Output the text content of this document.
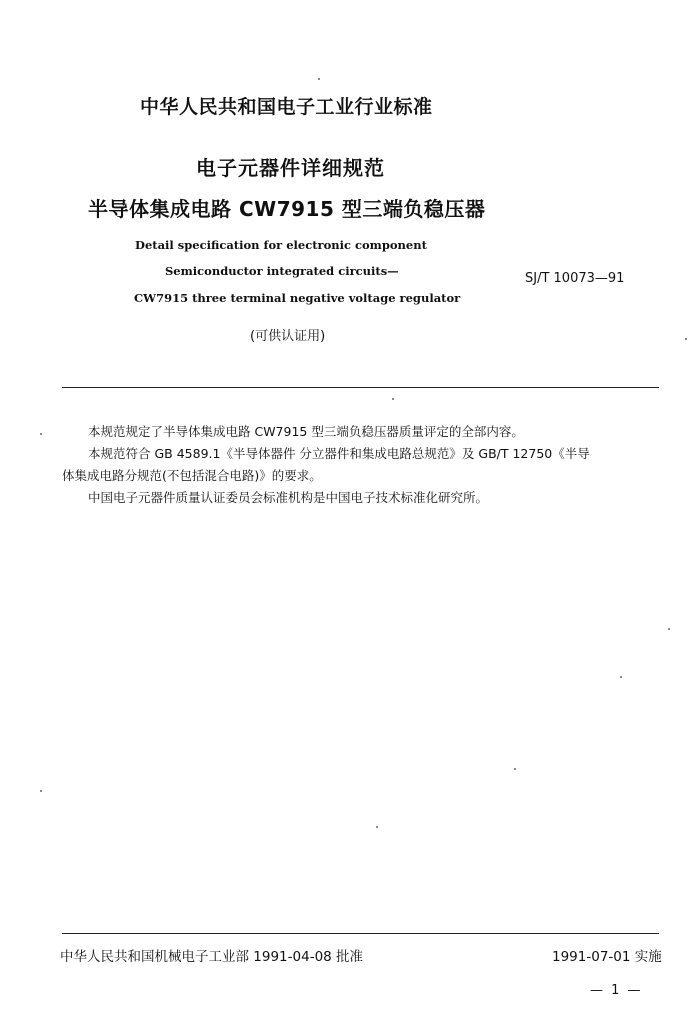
中华人民共和国电子工业行业标准
电子元器件详细规范
半导体集成电路 CW7915 型三端负稳压器
Detail specification for electronic component
Semiconductor integrated circuits—
CW7915 three terminal negative voltage regulator
SJ/T 10073—91
(可供认证用)
本规范规定了半导体集成电路 CW7915 型三端负稳压器质量评定的全部内容。
本规范符合 GB 4589.1《半导体器件 分立器件和集成电路总规范》及 GB/T 12750《半导
体集成电路分规范(不包括混合电路)》的要求。
中国电子元器件质量认证委员会标准机构是中国电子技术标准化研究所。
中华人民共和国机械电子工业部 1991-04-08 批准	1991-07-01 实施
— 1 —
